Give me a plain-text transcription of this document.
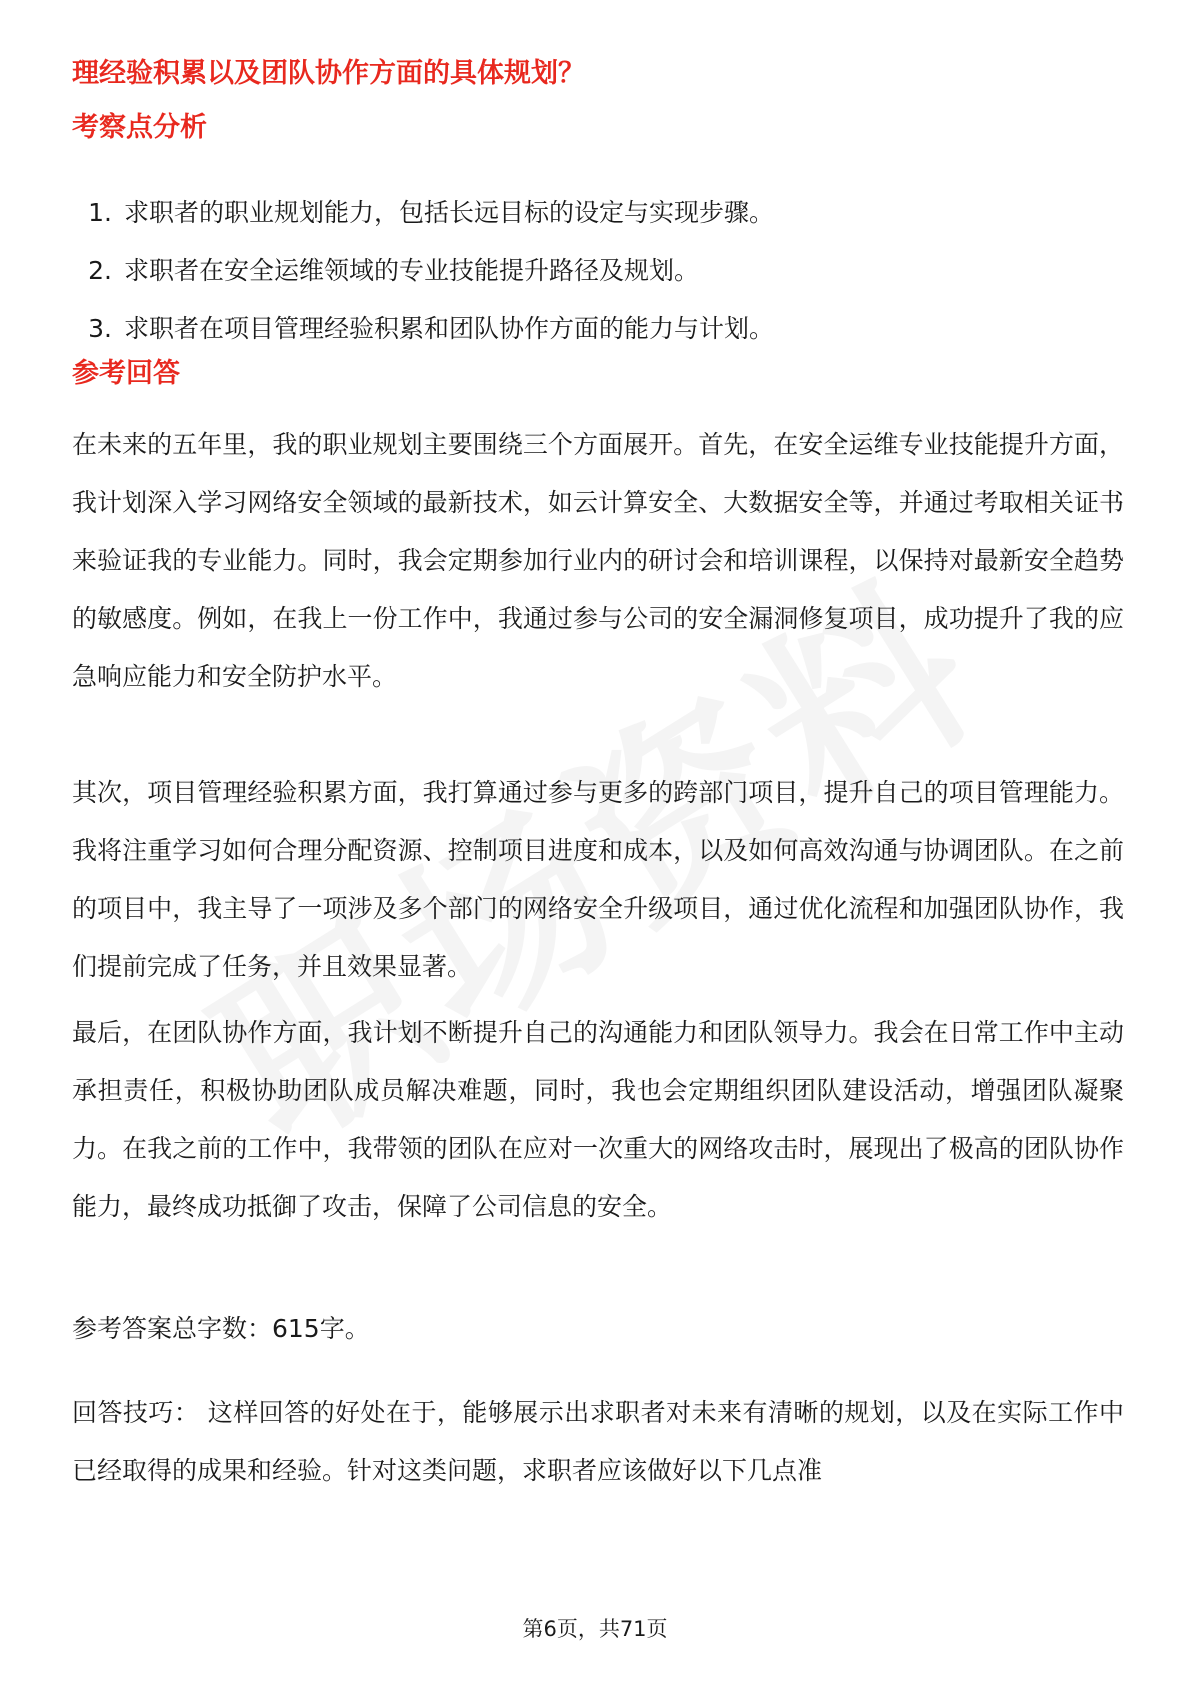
理经验积累以及团队协作方面的具体规划？
考察点分析
1. 求职者的职业规划能力，包括长远目标的设定与实现步骤。
2. 求职者在安全运维领域的专业技能提升路径及规划。
3. 求职者在项目管理经验积累和团队协作方面的能力与计划。
参考回答

在未来的五年里，我的职业规划主要围绕三个方面展开。首先，在安全运维专业技能提升方面，我计划深入学习网络安全领域的最新技术，如云计算安全、大数据安全等，并通过考取相关证书来验证我的专业能力。同时，我会定期参加行业内的研讨会和培训课程，以保持对最新安全趋势的敏感度。例如，在我上一份工作中，我通过参与公司的安全漏洞修复项目，成功提升了我的应急响应能力和安全防护水平。

其次，项目管理经验积累方面，我打算通过参与更多的跨部门项目，提升自己的项目管理能力。我将注重学习如何合理分配资源、控制项目进度和成本，以及如何高效沟通与协调团队。在之前的项目中，我主导了一项涉及多个部门的网络安全升级项目，通过优化流程和加强团队协作，我们提前完成了任务，并且效果显著。

最后，在团队协作方面，我计划不断提升自己的沟通能力和团队领导力。我会在日常工作中主动承担责任，积极协助团队成员解决难题，同时，我也会定期组织团队建设活动，增强团队凝聚力。在我之前的工作中，我带领的团队在应对一次重大的网络攻击时，展现出了极高的团队协作能力，最终成功抵御了攻击，保障了公司信息的安全。

参考答案总字数：615字。

回答技巧： 这样回答的好处在于，能够展示出求职者对未来有清晰的规划，以及在实际工作中已经取得的成果和经验。针对这类问题，求职者应该做好以下几点准

第6页，共71页
